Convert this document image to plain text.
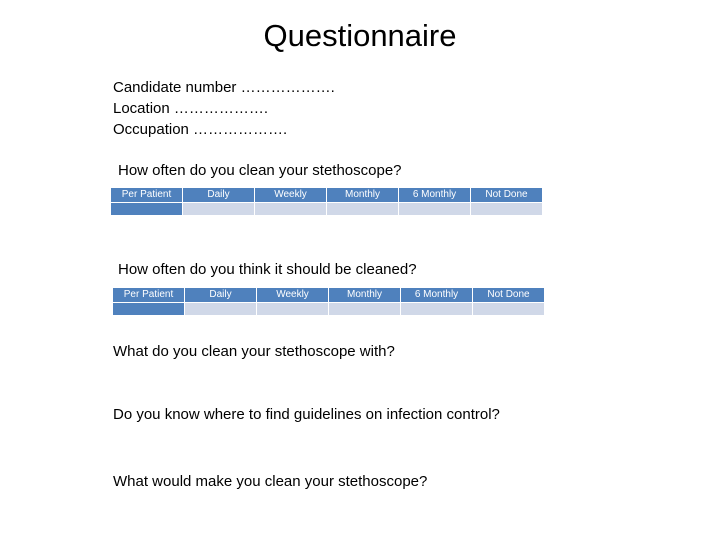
Questionnaire
Candidate number ……………….
Location ……………….
Occupation ……………….
How often do you clean your stethoscope?
Per Patient	Daily	Weekly	Monthly	6 Monthly	Not Done
How often do you think it should be cleaned?
Per Patient	Daily	Weekly	Monthly	6 Monthly	Not Done
What do you clean your stethoscope with?
Do you know where to find guidelines on infection control?
What would make you clean your stethoscope?
